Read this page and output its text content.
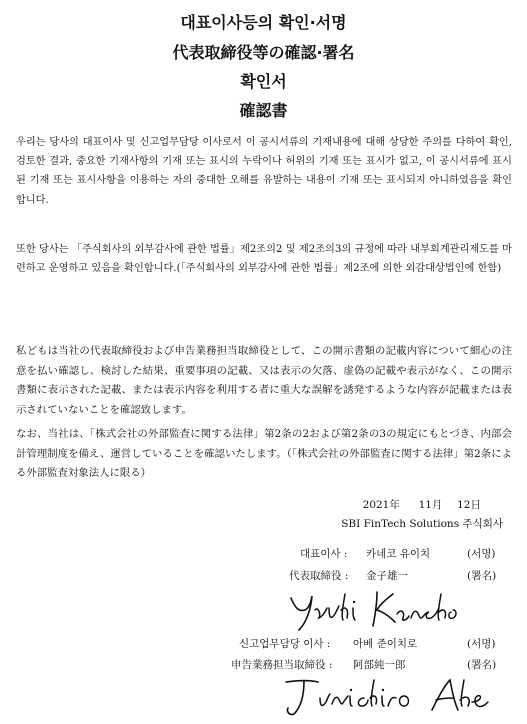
대표이사등의 확인·서명
代表取締役等の確認·署名
확인서
確認書
우리는 당사의 대표이사 및 신고업무담당 이사로서 이 공시서류의 기재내용에 대해 상당한 주의를 다하여 확인, 검토한 결과, 중요한 기재사항의 기재 또는 표시의 누락이나 허위의 기재 또는 표시가 없고, 이 공시서류에 표시된 기재 또는 표시사항을 이용하는 자의 중대한 오해를 유발하는 내용이 기재 또는 표시되지 아니하였음을 확인합니다.
또한 당사는 「주식회사의 외부감사에 관한 법률」제2조의2 및 제2조의3의 규정에 따라 내부회계관리제도를 마련하고 운영하고 있음을 확인합니다.(「주식회사의 외부감사에 관한 법률」제2조에 의한 외감대상법인에 한함)
私どもは当社の代表取締役および申告業務担当取締役として、この開示書類の記載内容について細心の注意を払い確認し、検討した結果、重要事項の記載、又は表示の欠落、虚偽の記載や表示がなく、この開示書類に表示された記載、または表示内容を利用する者に重大な誤解を誘発するような内容が記載または表示されていないことを確認致します。
なお、当社は、「株式会社の外部監査に関する法律」第2条の2および第2条の3の規定にもとづき、内部会計管理制度を備え、運営していることを確認いたします。（「株式会社の外部監査に関する法律」第2条による外部監査対象法人に限る）
2021年 11月 12日
SBI FinTech Solutions 주식회사
대표이사 : 카네코 유이치	(서명)
代表取締役 : 金子雄一	(署名)
신고업무담당 이사 : 아베 준이치로	(서명)
申告業務担当取締役 : 阿部純一郎	(署名)
